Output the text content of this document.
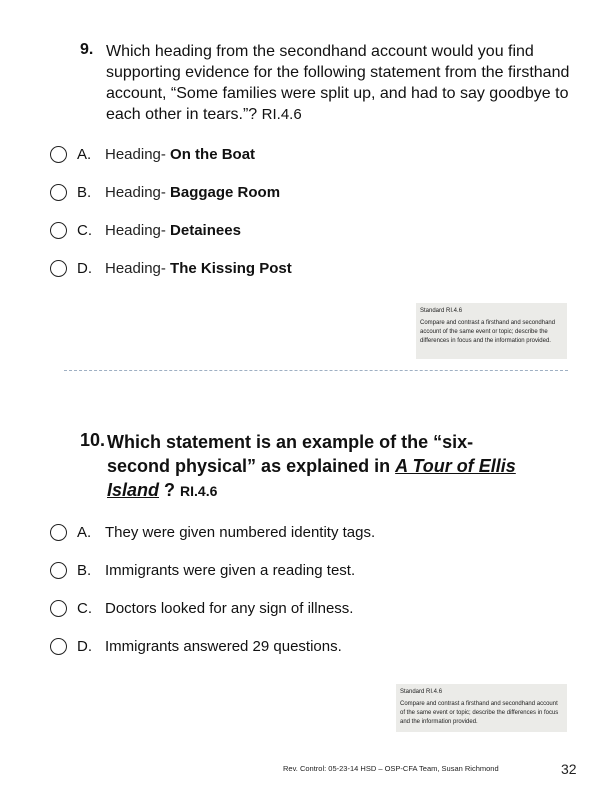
9. Which heading from the secondhand account would you find supporting evidence for the following statement from the firsthand account, “Some families were split up, and had to say goodbye to each other in tears.”? RI.4.6
A. Heading- On the Boat
B. Heading- Baggage Room
C. Heading- Detainees
D. Heading- The Kissing Post
Standard RI.4.6
Compare and contrast a firsthand and secondhand account of the same event or topic; describe the differences in focus and the information provided.
10. Which statement is an example of the “six-second physical” as explained in A Tour of Ellis Island ? RI.4.6
A. They were given numbered identity tags.
B. Immigrants were given a reading test.
C. Doctors looked for any sign of illness.
D. Immigrants answered 29 questions.
Standard RI.4.6
Compare and contrast a firsthand and secondhand account of the same event or topic; describe the differences in focus and the information provided.
Rev. Control: 05-23-14 HSD – OSP-CFA Team, Susan Richmond	32
